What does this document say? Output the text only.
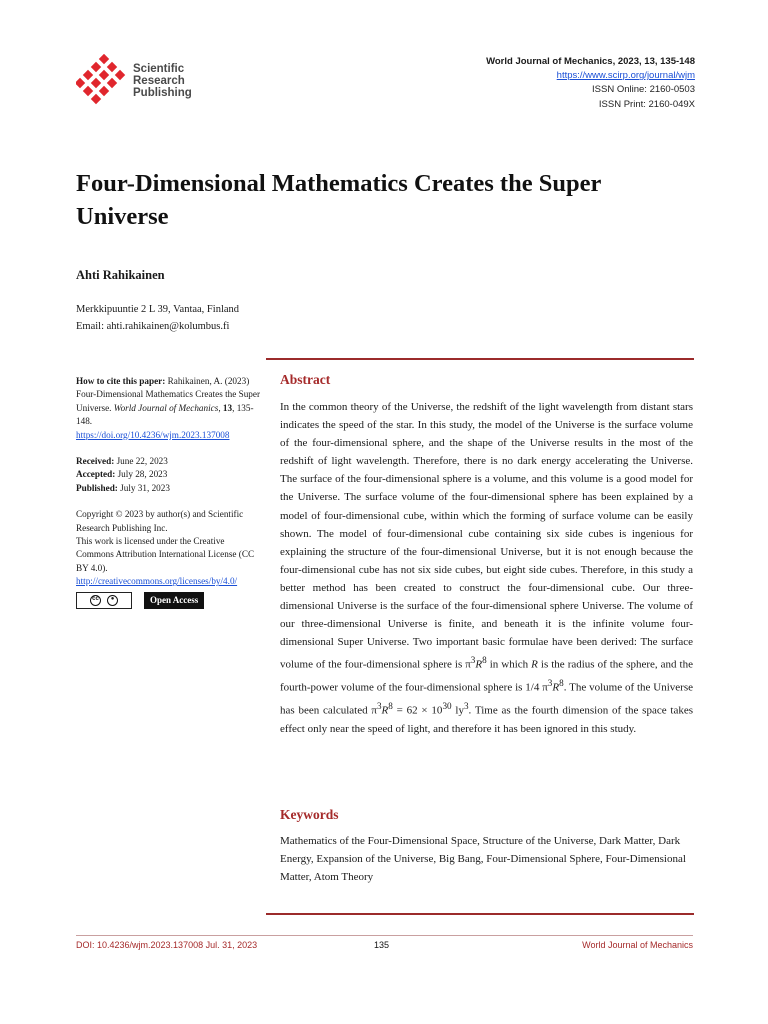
Scientific
Research
Publishing
World Journal of Mechanics, 2023, 13, 135-148
https://www.scirp.org/journal/wjm
ISSN Online: 2160-0503
ISSN Print: 2160-049X
Four-Dimensional Mathematics Creates the Super Universe
Ahti Rahikainen
Merkkipuuntie 2 L 39, Vantaa, Finland
Email: ahti.rahikainen@kolumbus.fi

How to cite this paper: Rahikainen, A. (2023) Four-Dimensional Mathematics Creates the Super Universe. World Journal of Mechanics, 13, 135-148.

https://doi.org/10.4236/wjm.2023.137008

Received: June 22, 2023

Accepted: July 28, 2023

Published: July 31, 2023

Copyright © 2023 by author(s) and Scientific Research Publishing Inc.

This work is licensed under the Creative Commons Attribution International License (CC BY 4.0).

http://creativecommons.org/licenses/by/4.0/

cc	●	Open Access
Abstract
In the common theory of the Universe, the redshift of the light wavelength from distant stars indicates the speed of the star. In this study, the model of the Universe is the surface volume of the four-dimensional sphere, and the shape of the Universe results in the most of the redshift of light wavelength. Therefore, there is no dark energy accelerating the Universe. The surface of the four-dimensional sphere is a volume, and this volume is a good model for the Universe. The surface volume of the four-dimensional sphere has been explained by a model of four-dimensional cube, within which the forming of surface volume can be easily shown. The model of four-dimensional cube containing six side cubes is ingenious for explaining the structure of the four-dimensional Universe, but it is not enough because the four-dimensional cube has not six side cubes, but eight side cubes. Therefore, in this study a better method has been created to construct the four-dimensional cube. Our three-dimensional Universe is the surface of the four-dimensional sphere Universe. The volume of our three-dimensional Universe is finite, and beneath it is the infinite volume four-dimensional Super Universe. Two important basic formulae have been derived: The surface volume of the four-dimensional sphere is $\pi^3R^8$ in which R is the radius of the sphere, and the fourth-power volume of the four-dimensional sphere is 1/4 $\pi^3R^8$. The volume of the Universe has been calculated $\pi^3R^8 = 62 \times 10^{30}$ $ly^3$. Time as the fourth dimension of the space takes effect only near the speed of light, and therefore it has been ignored in this study.
Keywords
Mathematics of the Four-Dimensional Space, Structure of the Universe, Dark Matter, Dark Energy, Expansion of the Universe, Big Bang, Four-Dimensional Sphere, Four-Dimensional Matter, Atom Theory
DOI: 10.4236/wjm.2023.137008 Jul. 31, 2023	135	World Journal of Mechanics
